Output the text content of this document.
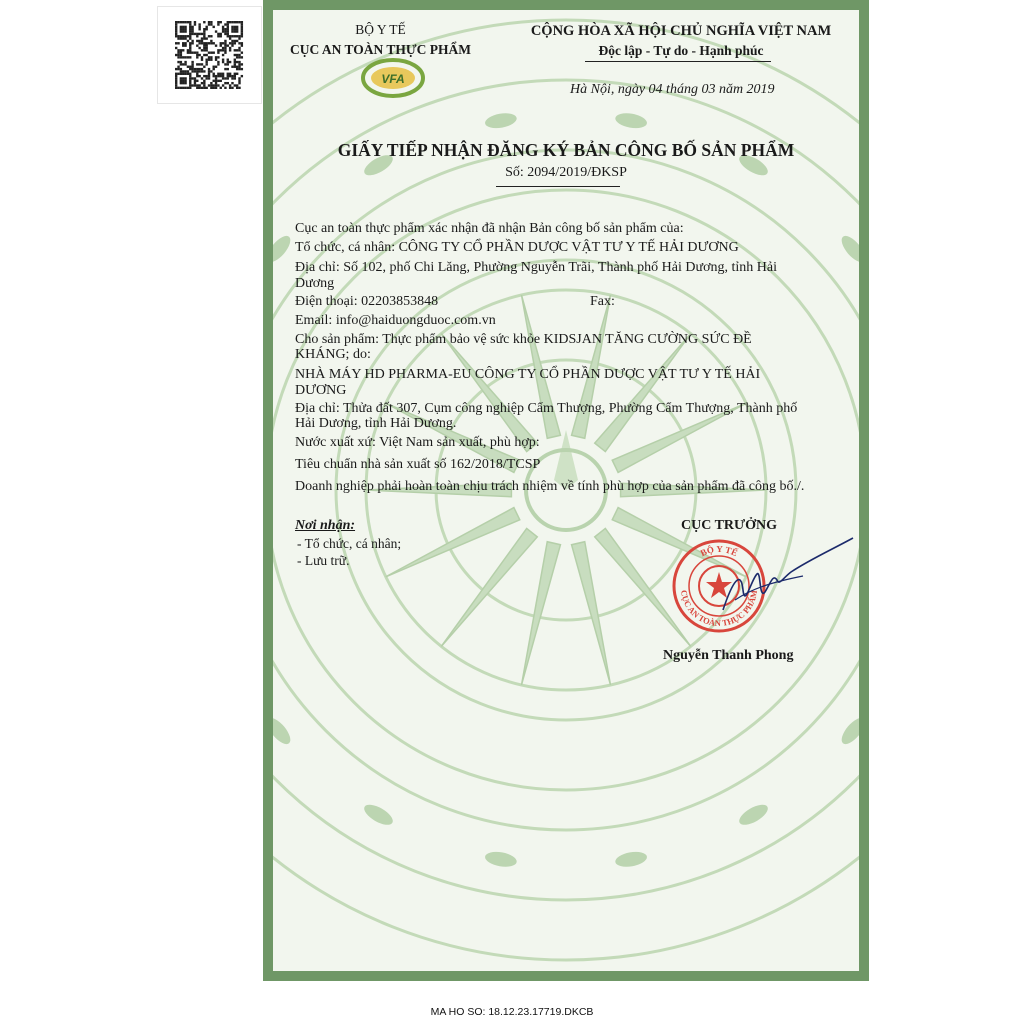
BỘ Y TẾ
CỤC AN TOÀN THỰC PHẨM
VFA
CỘNG HÒA XÃ HỘI CHỦ NGHĨA VIỆT NAM
Độc lập - Tự do - Hạnh phúc
Hà Nội, ngày 04 tháng 03 năm 2019
GIẤY TIẾP NHẬN ĐĂNG KÝ BẢN CÔNG BỐ SẢN PHẨM
Số: 2094/2019/ĐKSP
Cục an toàn thực phẩm xác nhận đã nhận Bản công bố sản phẩm của:
Tổ chức, cá nhân: CÔNG TY CỔ PHẦN DƯỢC VẬT TƯ Y TẾ HẢI DƯƠNG
Địa chỉ: Số 102, phố Chi Lăng, Phường Nguyễn Trãi, Thành phố Hải Dương, tỉnh Hải
Dương
Điện thoại: 02203853848	Fax:
Email: info@haiduongduoc.com.vn
Cho sản phẩm: Thực phẩm bảo vệ sức khỏe KIDSJAN TĂNG CƯỜNG SỨC ĐỀ
KHÁNG; do:
NHÀ MÁY HD PHARMA-EU CÔNG TY CỔ PHẦN DƯỢC VẬT TƯ Y TẾ HẢI
DƯƠNG
Địa chỉ: Thửa đất 307, Cụm công nghiệp Cẩm Thượng, Phường Cẩm Thượng, Thành phố
Hải Dương, tỉnh Hải Dương.
Nước xuất xứ: Việt Nam sản xuất, phù hợp:
Tiêu chuẩn nhà sản xuất số 162/2018/TCSP
Doanh nghiệp phải hoàn toàn chịu trách nhiệm về tính phù hợp của sản phẩm đã công bố./.
Nơi nhận:
- Tổ chức, cá nhân;
- Lưu trữ.
CỤC TRƯỞNG
BỘ Y TẾ
CỤC AN TOÀN THỰC PHẨM
Nguyễn Thanh Phong
MA HO SO: 18.12.23.17719.DKCB
